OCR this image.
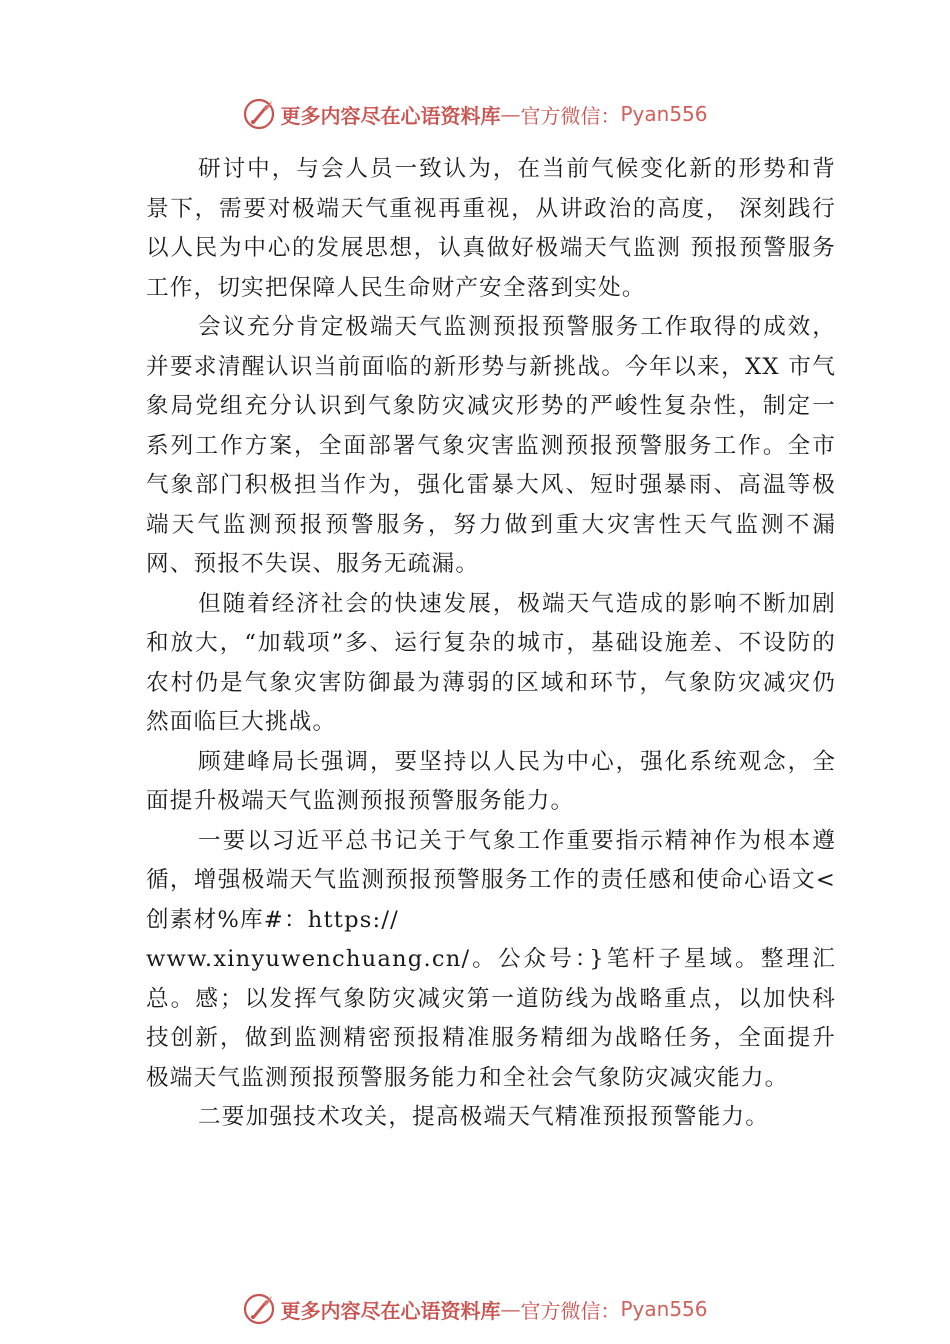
更多内容尽在心语资料库 — 官方微信： Pyan556

研讨中，与会人员一致认为，在当前气候变化新的形势和背景下，需要对极端天气重视再重视，从讲政治的高度， 深刻践行以人民为中心的发展思想，认真做好极端天气监测 预报预警服务工作，切实把保障人民生命财产安全落到实处。

会议充分肯定极端天气监测预报预警服务工作取得的成效，并要求清醒认识当前面临的新形势与新挑战。今年以来，XX 市气象局党组充分认识到气象防灾减灾形势的严峻性复杂性，制定一系列工作方案，全面部署气象灾害监测预报预警服务工作。全市气象部门积极担当作为，强化雷暴大风、短时强暴雨、高温等极端天气监测预报预警服务，努力做到重大灾害性天气监测不漏网、预报不失误、服务无疏漏。

但随着经济社会的快速发展，极端天气造成的影响不断加剧和放大，“加载项”多、运行复杂的城市，基础设施差、不设防的农村仍是气象灾害防御最为薄弱的区域和环节，气象防灾减灾仍然面临巨大挑战。

顾建峰局长强调，要坚持以人民为中心，强化系统观念，全面提升极端天气监测预报预警服务能力。

一要以习近平总书记关于气象工作重要指示精神作为根本遵循，增强极端天气监测预报预警服务工作的责任感和使命心语文<创素材%库#：https://

www.xinyuwenchuang.cn/。公众号：}笔杆子星域。整理汇总。感；以发挥气象防灾减灾第一道防线为战略重点，以加快科技创新，做到监测精密预报精准服务精细为战略任务，全面提升极端天气监测预报预警服务能力和全社会气象防灾减灾能力。

二要加强技术攻关，提高极端天气精准预报预警能力。

更多内容尽在心语资料库 — 官方微信： Pyan556
